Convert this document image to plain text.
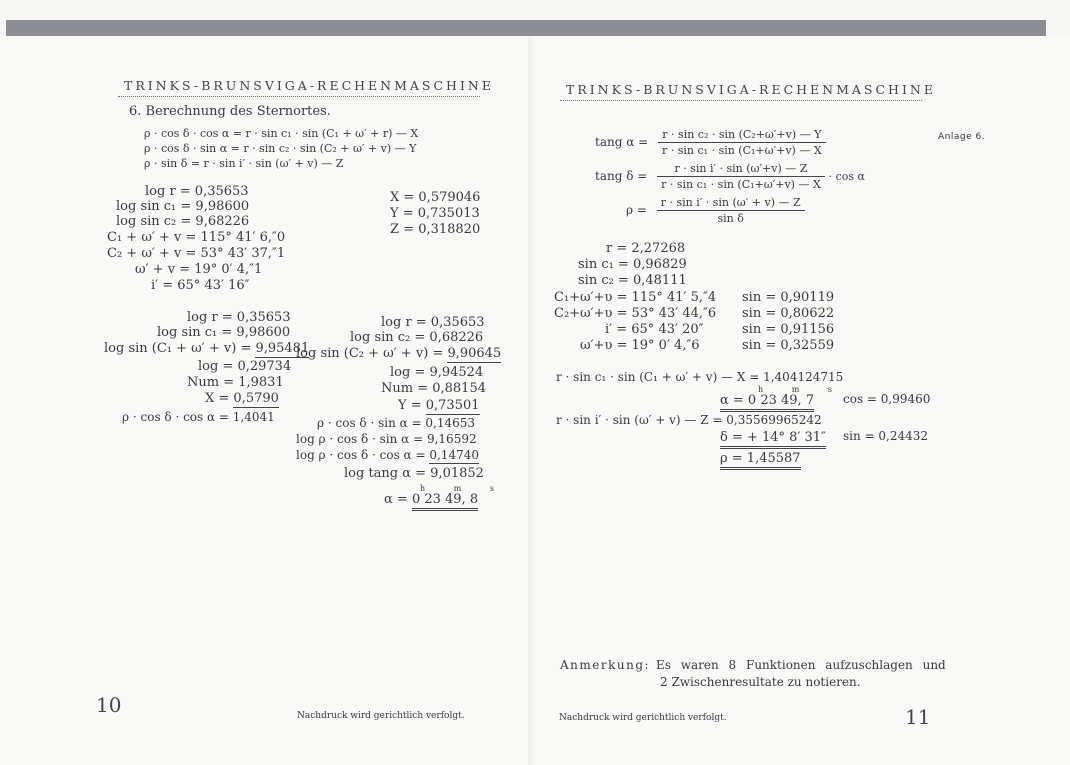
TRINKS-BRUNSVIGA-RECHENMASCHINE
6. Berechnung des Sternortes.
ρ · cos δ · cos α = r · sin c₁ · sin (C₁ + ω′ + r) — X
ρ · cos δ · sin α = r · sin c₂ · sin (C₂ + ω′ + v) — Y
ρ · sin δ = r · sin i′ · sin (ω′ + v) — Z
log r = 0,35653
log sin c₁ = 9,98600
log sin c₂ = 9,68226
C₁ + ω′ + v = 115° 41′ 6,″0
C₂ + ω′ + v = 53° 43′ 37,″1
ω′ + v = 19° 0′ 4,″1
i′ = 65° 43′ 16″
X = 0,579046
Y = 0,735013
Z = 0,318820
log r = 0,35653
log sin c₁ = 9,98600
log sin (C₁ + ω′ + v) = 9,95481
log = 0,29734
Num = 1,9831
X = 0,5790
ρ · cos δ · cos α = 1,4041
log r = 0,35653
log sin c₂ = 0,68226
log sin (C₂ + ω′ + v) = 9,90645
log = 9,94524
Num = 0,88154
Y = 0,73501
ρ · cos δ · sin α = 0,14653
log ρ · cos δ · sin α = 9,16592
log ρ · cos δ · cos α = 0,14740
log tang α = 9,01852
h m s
α = 0 23 49, 8
Nachdruck wird gerichtlich verfolgt.
10
TRINKS-BRUNSVIGA-RECHENMASCHINE
Anlage 6.
tang $\alpha = \frac{\text{r · sin c₂ · sin (C₂+ω′+v) — Y}}{\text{r · sin c₁ · sin (C₁+ω′+v) — X}}$
tang $\delta = \frac{\text{r · sin i′ · sin (ω′+v) — Z}}{\text{r · sin c₁ · sin (C₁+ω′+v) — X}} \cdot \cos \alpha$
$\rho = \frac{\text{r · sin i′ · sin (ω′ + v) — Z}}{\text{sin δ}}$
r = 2,27268
sin c₁ = 0,96829
sin c₂ = 0,48111
C₁+ω′+υ = 115° 41′ 5,″4 sin = 0,90119
C₂+ω′+υ = 53° 43′ 44,″6 sin = 0,80622
i′ = 65° 43′ 20″	sin = 0,91156
ω′+υ = 19° 0′ 4,″6	sin = 0,32559
r · sin c₁ · sin (C₁ + ω′ + v) — X = 1,404124715
h m s
α = 0 23 49, 7 cos = 0,99460
r · sin i′ · sin (ω′ + v) — Z = 0,35569965242
δ = + 14° 8′ 31″ sin = 0,24432
ρ = 1,45587
Anmerkung: Es waren 8 Funktionen aufzuschlagen und
2 Zwischenresultate zu notieren.
Nachdruck wird gerichtlich verfolgt.	11
